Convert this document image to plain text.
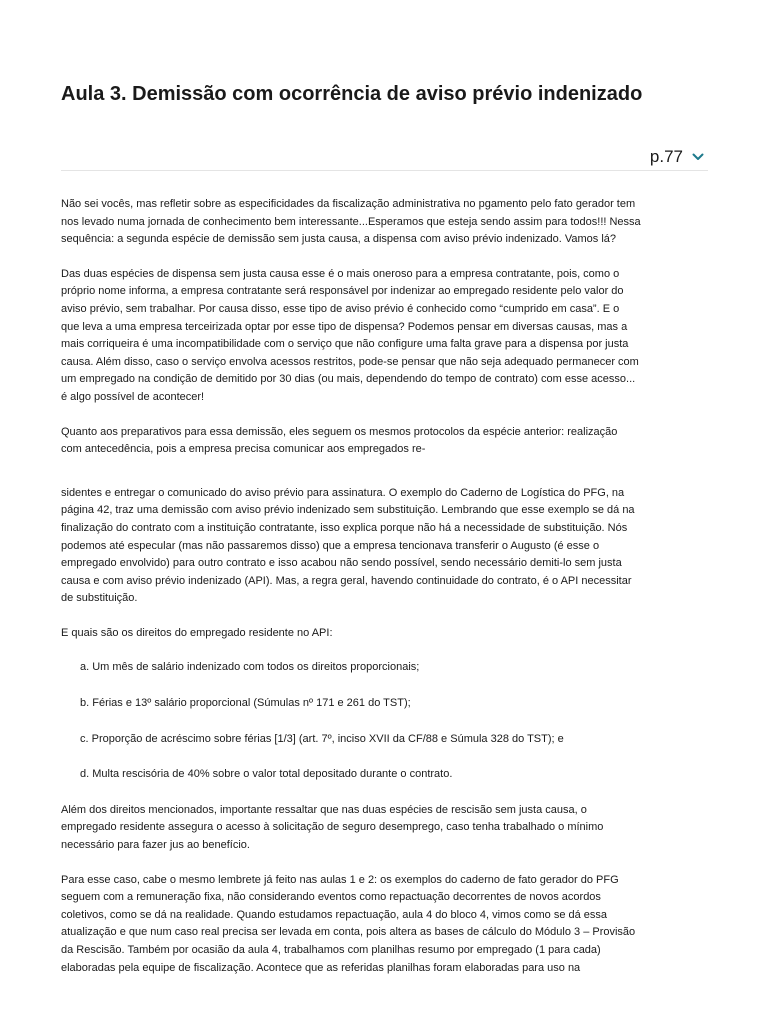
Aula 3. Demissão com ocorrência de aviso prévio indenizado
p.77

Não sei vocês, mas refletir sobre as especificidades da fiscalização administrativa no pgamento pelo fato gerador tem
nos levado numa jornada de conhecimento bem interessante...Esperamos que esteja sendo assim para todos!!! Nessa
sequência: a segunda espécie de demissão sem justa causa, a dispensa com aviso prévio indenizado. Vamos lá?

Das duas espécies de dispensa sem justa causa esse é o mais oneroso para a empresa contratante, pois, como o
próprio nome informa, a empresa contratante será responsável por indenizar ao empregado residente pelo valor do
aviso prévio, sem trabalhar. Por causa disso, esse tipo de aviso prévio é conhecido como “cumprido em casa”. E o
que leva a uma empresa terceirizada optar por esse tipo de dispensa? Podemos pensar em diversas causas, mas a
mais corriqueira é uma incompatibilidade com o serviço que não configure uma falta grave para a dispensa por justa
causa. Além disso, caso o serviço envolva acessos restritos, pode-se pensar que não seja adequado permanecer com
um empregado na condição de demitido por 30 dias (ou mais, dependendo do tempo de contrato) com esse acesso...
é algo possível de acontecer!

Quanto aos preparativos para essa demissão, eles seguem os mesmos protocolos da espécie anterior: realização
com antecedência, pois a empresa precisa comunicar aos empregados re-

sidentes e entregar o comunicado do aviso prévio para assinatura. O exemplo do Caderno de Logística do PFG, na
página 42, traz uma demissão com aviso prévio indenizado sem substituição. Lembrando que esse exemplo se dá na
finalização do contrato com a instituição contratante, isso explica porque não há a necessidade de substituição. Nós
podemos até especular (mas não passaremos disso) que a empresa tencionava transferir o Augusto (é esse o
empregado envolvido) para outro contrato e isso acabou não sendo possível, sendo necessário demiti-lo sem justa
causa e com aviso prévio indenizado (API). Mas, a regra geral, havendo continuidade do contrato, é o API necessitar
de substituição.

E quais são os direitos do empregado residente no API:

a. Um mês de salário indenizado com todos os direitos proporcionais;
b. Férias e 13º salário proporcional (Súmulas nº 171 e 261 do TST);
c. Proporção de acréscimo sobre férias [1/3] (art. 7º, inciso XVII da CF/88 e Súmula 328 do TST); e
d. Multa rescisória de 40% sobre o valor total depositado durante o contrato.

Além dos direitos mencionados, importante ressaltar que nas duas espécies de rescisão sem justa causa, o
empregado residente assegura o acesso à solicitação de seguro desemprego, caso tenha trabalhado o mínimo
necessário para fazer jus ao benefício.

Para esse caso, cabe o mesmo lembrete já feito nas aulas 1 e 2: os exemplos do caderno de fato gerador do PFG
seguem com a remuneração fixa, não considerando eventos como repactuação decorrentes de novos acordos
coletivos, como se dá na realidade. Quando estudamos repactuação, aula 4 do bloco 4, vimos como se dá essa
atualização e que num caso real precisa ser levada em conta, pois altera as bases de cálculo do Módulo 3 – Provisão
da Rescisão. Também por ocasião da aula 4, trabalhamos com planilhas resumo por empregado (1 para cada)
elaboradas pela equipe de fiscalização. Acontece que as referidas planilhas foram elaboradas para uso na
